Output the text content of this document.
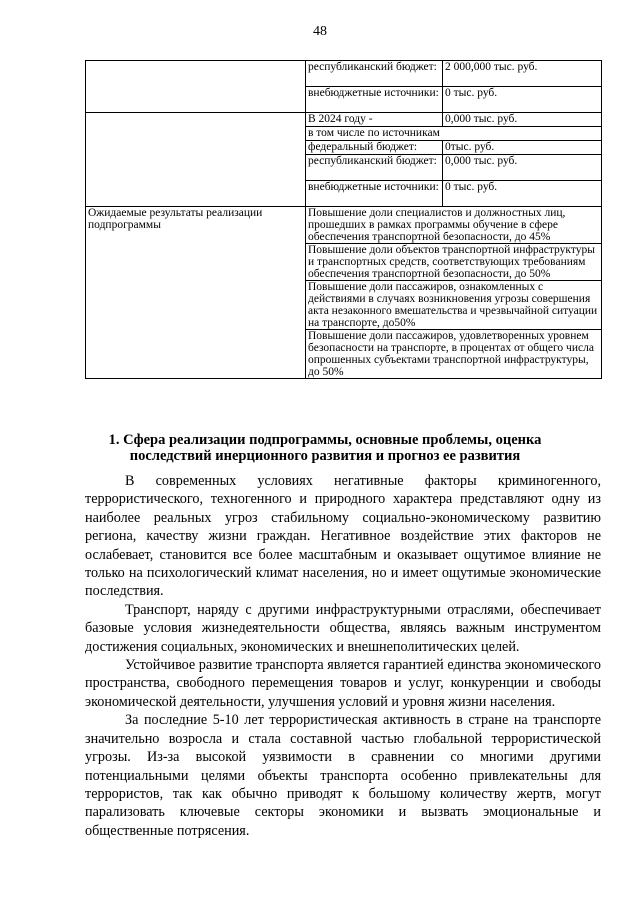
48
	республиканский бюджет:	2 000,000 тыс. руб.
	внебюджетные источники:	0 тыс. руб.
	В 2024 году -	0,000 тыс. руб.
	в том числе по источникам	
	федеральный бюджет:	0тыс. руб.
	республиканский бюджет:	0,000 тыс. руб.
	внебюджетные источники:	0 тыс. руб.
Ожидаемые результаты реализации подпрограммы	Повышение доли специалистов и должностных лиц, прошедших в рамках программы обучение в сфере обеспечения транспортной безопасности, до 45%	
	Повышение доли объектов транспортной инфраструктуры и транспортных средств, соответствующих требованиям обеспечения транспортной безопасности, до 50%	
	Повышение доли пассажиров, ознакомленных с действиями в случаях возникновения угрозы совершения акта незаконного вмешательства и чрезвычайной ситуации на транспорте, до50%	
	Повышение доли пассажиров, удовлетворенных уровнем безопасности на транспорте, в процентах от общего числа опрошенных субъектами транспортной инфраструктуры, до 50%	
1. Сфера реализации подпрограммы, основные проблемы, оценка последствий инерционного развития и прогноз ее развития

В современных условиях негативные факторы криминогенного, террористического, техногенного и природного характера представляют одну из наиболее реальных угроз стабильному социально-экономическому развитию региона, качеству жизни граждан. Негативное воздействие этих факторов не ослабевает, становится все более масштабным и оказывает ощутимое влияние не только на психологический климат населения, но и имеет ощутимые экономические последствия.

Транспорт, наряду с другими инфраструктурными отраслями, обеспечивает базовые условия жизнедеятельности общества, являясь важным инструментом достижения социальных, экономических и внешнеполитических целей.

Устойчивое развитие транспорта является гарантией единства экономического пространства, свободного перемещения товаров и услуг, конкуренции и свободы экономической деятельности, улучшения условий и уровня жизни населения.

За последние 5-10 лет террористическая активность в стране на транспорте значительно возросла и стала составной частью глобальной террористической угрозы. Из-за высокой уязвимости в сравнении со многими другими потенциальными целями объекты транспорта особенно привлекательны для террористов, так как обычно приводят к большому количеству жертв, могут парализовать ключевые секторы экономики и вызвать эмоциональные и общественные потрясения.
